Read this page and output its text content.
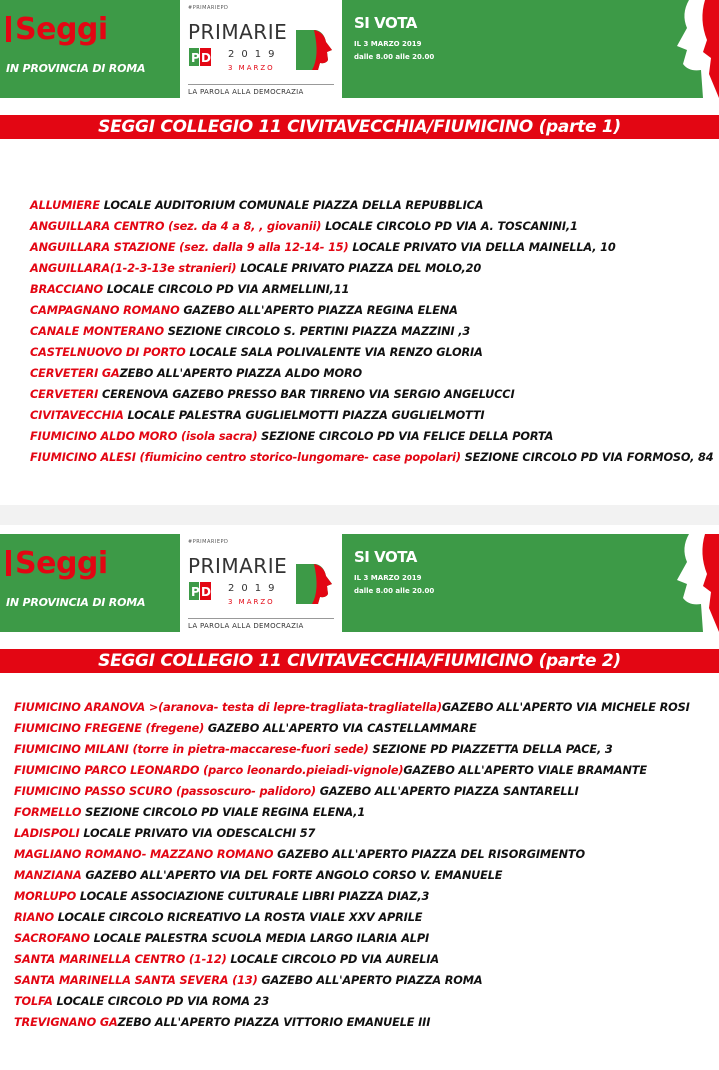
Seggi
IN PROVINCIA DI ROMA
#PRIMARIEPD
PRIMARIE
P D 2019
3 MARZO
LA PAROLA ALLA DEMOCRAZIA
SI VOTA
IL 3 MARZO 2019
dalle 8.00 alle 20.00
SEGGI COLLEGIO 11 CIVITAVECCHIA/FIUMICINO (parte 1)
ALLUMIERE LOCALE AUDITORIUM COMUNALE PIAZZA DELLA REPUBBLICA
ANGUILLARA CENTRO (sez. da 4 a 8, , giovanii) LOCALE CIRCOLO PD VIA A. TOSCANINI,1
ANGUILLARA STAZIONE (sez. dalla 9 alla 12-14- 15) LOCALE PRIVATO VIA DELLA MAINELLA, 10
ANGUILLARA(1-2-3-13e stranieri) LOCALE PRIVATO PIAZZA DEL MOLO,20
BRACCIANO LOCALE CIRCOLO PD VIA ARMELLINI,11
CAMPAGNANO ROMANO GAZEBO ALL'APERTO PIAZZA REGINA ELENA
CANALE MONTERANO SEZIONE CIRCOLO S. PERTINI PIAZZA MAZZINI ,3
CASTELNUOVO DI PORTO LOCALE SALA POLIVALENTE VIA RENZO GLORIA
CERVETERI GAZEBO ALL'APERTO PIAZZA ALDO MORO
CERVETERI CERENOVA GAZEBO PRESSO BAR TIRRENO VIA SERGIO ANGELUCCI
CIVITAVECCHIA LOCALE PALESTRA GUGLIELMOTTI PIAZZA GUGLIELMOTTI
FIUMICINO ALDO MORO (isola sacra) SEZIONE CIRCOLO PD VIA FELICE DELLA PORTA
FIUMICINO ALESI (fiumicino centro storico-lungomare- case popolari) SEZIONE CIRCOLO PD VIA FORMOSO, 84
Seggi
IN PROVINCIA DI ROMA
#PRIMARIEPD
PRIMARIE
P D 2019
3 MARZO
LA PAROLA ALLA DEMOCRAZIA
SI VOTA
IL 3 MARZO 2019
dalle 8.00 alle 20.00
SEGGI COLLEGIO 11 CIVITAVECCHIA/FIUMICINO (parte 2)
FIUMICINO ARANOVA >(aranova- testa di lepre-tragliata-tragliatella)GAZEBO ALL'APERTO VIA MICHELE ROSI
FIUMICINO FREGENE (fregene) GAZEBO ALL'APERTO VIA CASTELLAMMARE
FIUMICINO MILANI (torre in pietra-maccarese-fuori sede) SEZIONE PD PIAZZETTA DELLA PACE, 3
FIUMICINO PARCO LEONARDO (parco leonardo.pieiadi-vignole)GAZEBO ALL'APERTO VIALE BRAMANTE
FIUMICINO PASSO SCURO (passoscuro- palidoro) GAZEBO ALL'APERTO PIAZZA SANTARELLI
FORMELLO SEZIONE CIRCOLO PD VIALE REGINA ELENA,1
LADISPOLI LOCALE PRIVATO VIA ODESCALCHI 57
MAGLIANO ROMANO- MAZZANO ROMANO GAZEBO ALL'APERTO PIAZZA DEL RISORGIMENTO
MANZIANA GAZEBO ALL'APERTO VIA DEL FORTE ANGOLO CORSO V. EMANUELE
MORLUPO LOCALE ASSOCIAZIONE CULTURALE LIBRI PIAZZA DIAZ,3
RIANO LOCALE CIRCOLO RICREATIVO LA ROSTA VIALE XXV APRILE
SACROFANO LOCALE PALESTRA SCUOLA MEDIA LARGO ILARIA ALPI
SANTA MARINELLA CENTRO (1-12) LOCALE CIRCOLO PD VIA AURELIA
SANTA MARINELLA SANTA SEVERA (13) GAZEBO ALL'APERTO PIAZZA ROMA
TOLFA LOCALE CIRCOLO PD VIA ROMA 23
TREVIGNANO GAZEBO ALL'APERTO PIAZZA VITTORIO EMANUELE III
